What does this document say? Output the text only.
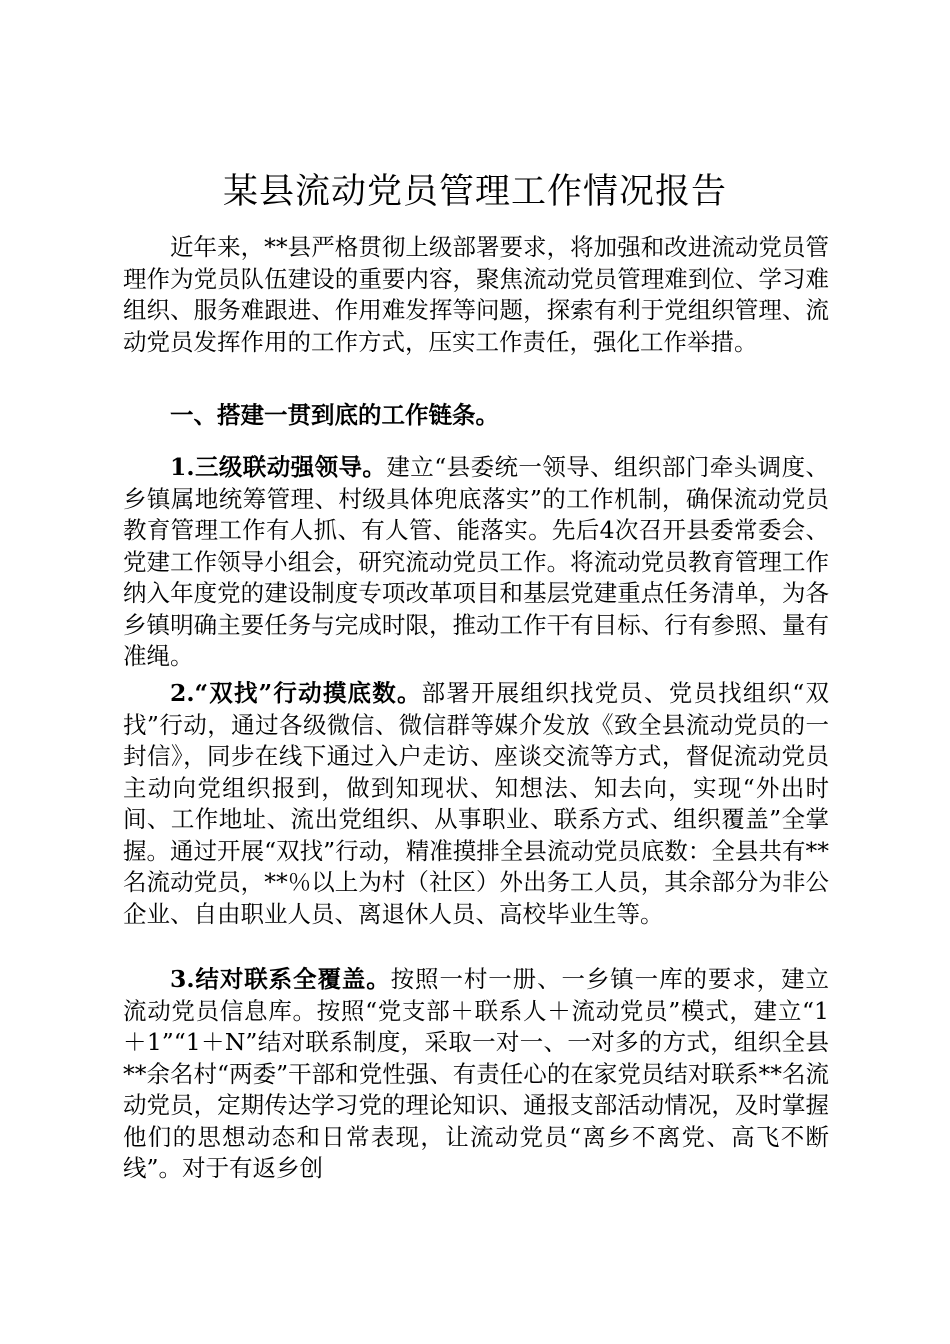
某县流动党员管理工作情况报告

近年来，**县严格贯彻上级部署要求，将加强和改进流动党员管理作为党员队伍建设的重要内容，聚焦流动党员管理难到位、学习难组织、服务难跟进、作用难发挥等问题，探索有利于党组织管理、流动党员发挥作用的工作方式，压实工作责任，强化工作举措。

一、搭建一贯到底的工作链条。

1.三级联动强领导。建立“县委统一领导、组织部门牵头调度、乡镇属地统筹管理、村级具体兜底落实”的工作机制，确保流动党员教育管理工作有人抓、有人管、能落实。先后4次召开县委常委会、党建工作领导小组会，研究流动党员工作。将流动党员教育管理工作纳入年度党的建设制度专项改革项目和基层党建重点任务清单，为各乡镇明确主要任务与完成时限，推动工作干有目标、行有参照、量有准绳。

2.“双找”行动摸底数。部署开展组织找党员、党员找组织“双找”行动，通过各级微信、微信群等媒介发放《致全县流动党员的一封信》，同步在线下通过入户走访、座谈交流等方式，督促流动党员主动向党组织报到，做到知现状、知想法、知去向，实现“外出时间、工作地址、流出党组织、从事职业、联系方式、组织覆盖”全掌握。通过开展“双找”行动，精准摸排全县流动党员底数：全县共有**名流动党员，**％以上为村（社区）外出务工人员，其余部分为非公企业、自由职业人员、离退休人员、高校毕业生等。

3.结对联系全覆盖。按照一村一册、一乡镇一库的要求，建立流动党员信息库。按照“党支部＋联系人＋流动党员”模式，建立“1＋1”“1＋N”结对联系制度，采取一对一、一对多的方式，组织全县**余名村“两委”干部和党性强、有责任心的在家党员结对联系**名流动党员，定期传达学习党的理论知识、通报支部活动情况，及时掌握他们的思想动态和日常表现，让流动党员“离乡不离党、高飞不断线”。对于有返乡创
